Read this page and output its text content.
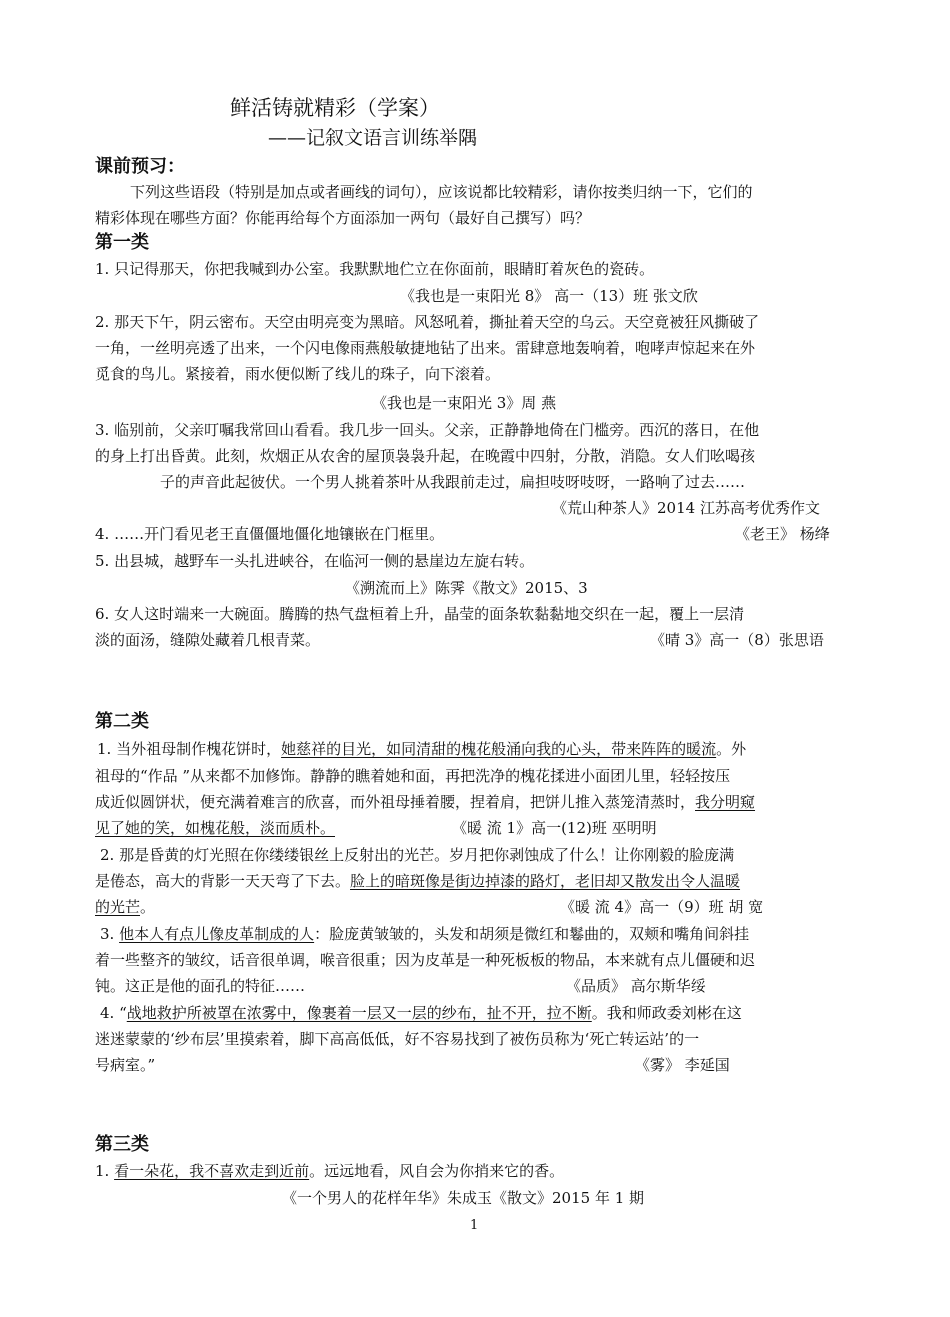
鲜活铸就精彩（学案）
——记叙文语言训练举隅
课前预习：
下列这些语段（特别是加点或者画线的词句），应该说都比较精彩，请你按类归纳一下，它们的
精彩体现在哪些方面？你能再给每个方面添加一两句（最好自己撰写）吗？
第一类
1. 只记得那天，你把我喊到办公室。我默默地伫立在你面前，眼睛盯着灰色的瓷砖。
《我也是一束阳光 8》 高一（13）班 张文欣
2. 那天下午，阴云密布。天空由明亮变为黑暗。风怒吼着，撕扯着天空的乌云。天空竟被狂风撕破了
一角，一丝明亮透了出来，一个闪电像雨燕般敏捷地钻了出来。雷肆意地轰响着，咆哮声惊起来在外
觅食的鸟儿。紧接着，雨水便似断了线儿的珠子，向下滚着。
《我也是一束阳光 3》周 燕
3. 临别前，父亲叮嘱我常回山看看。我几步一回头。父亲，正静静地倚在门槛旁。西沉的落日，在他
的身上打出昏黄。此刻，炊烟正从农舍的屋顶袅袅升起，在晚霞中四射，分散，消隐。女人们吆喝孩
子的声音此起彼伏。一个男人挑着茶叶从我跟前走过，扁担吱呀吱呀，一路响了过去……
《荒山种茶人》2014 江苏高考优秀作文
4. ……开门看见老王直僵僵地僵化地镶嵌在门框里。	《老王》 杨绛
5. 出县城，越野车一头扎进峡谷，在临河一侧的悬崖边左旋右转。
《溯流而上》陈霁《散文》2015、3
6. 女人这时端来一大碗面。腾腾的热气盘桓着上升，晶莹的面条软黏黏地交织在一起，覆上一层清
淡的面汤，缝隙处藏着几根青菜。	《晴 3》高一（8）张思语
第二类
1. 当外祖母制作槐花饼时，她慈祥的目光，如同清甜的槐花般涌向我的心头，带来阵阵的暖流。外
祖母的“作品 ”从来都不加修饰。静静的瞧着她和面，再把洗净的槐花揉进小面团儿里，轻轻按压
成近似圆饼状，便充满着难言的欣喜，而外祖母捶着腰，捏着肩，把饼儿推入蒸笼清蒸时，我分明窥
见了她的笑，如槐花般，淡而质朴。	《暖 流 1》高一(12)班 巫明明
2. 那是昏黄的灯光照在你缕缕银丝上反射出的光芒。岁月把你剥蚀成了什么！让你刚毅的脸庞满
是倦态，高大的背影一天天弯了下去。脸上的暗斑像是街边掉漆的路灯，老旧却又散发出令人温暖
的光芒。	《暖 流 4》高一（9）班 胡 宽
3. 他本人有点儿像皮革制成的人：脸庞黄皱皱的，头发和胡须是微红和鬈曲的，双颊和嘴角间斜挂
着一些整齐的皱纹，话音很单调，喉音很重；因为皮革是一种死板板的物品，本来就有点儿僵硬和迟
钝。这正是他的面孔的特征……	《品质》 高尔斯华绥
4. “战地救护所被罩在浓雾中，像裹着一层又一层的纱布，扯不开，拉不断。我和师政委刘彬在这
迷迷蒙蒙的‘纱布层’里摸索着，脚下高高低低，好不容易找到了被伤员称为‘死亡转运站’的一
号病室。”	《雾》 李延国
第三类
1. 看一朵花，我不喜欢走到近前。远远地看，风自会为你捎来它的香。
《一个男人的花样年华》朱成玉《散文》2015 年 1 期
1
